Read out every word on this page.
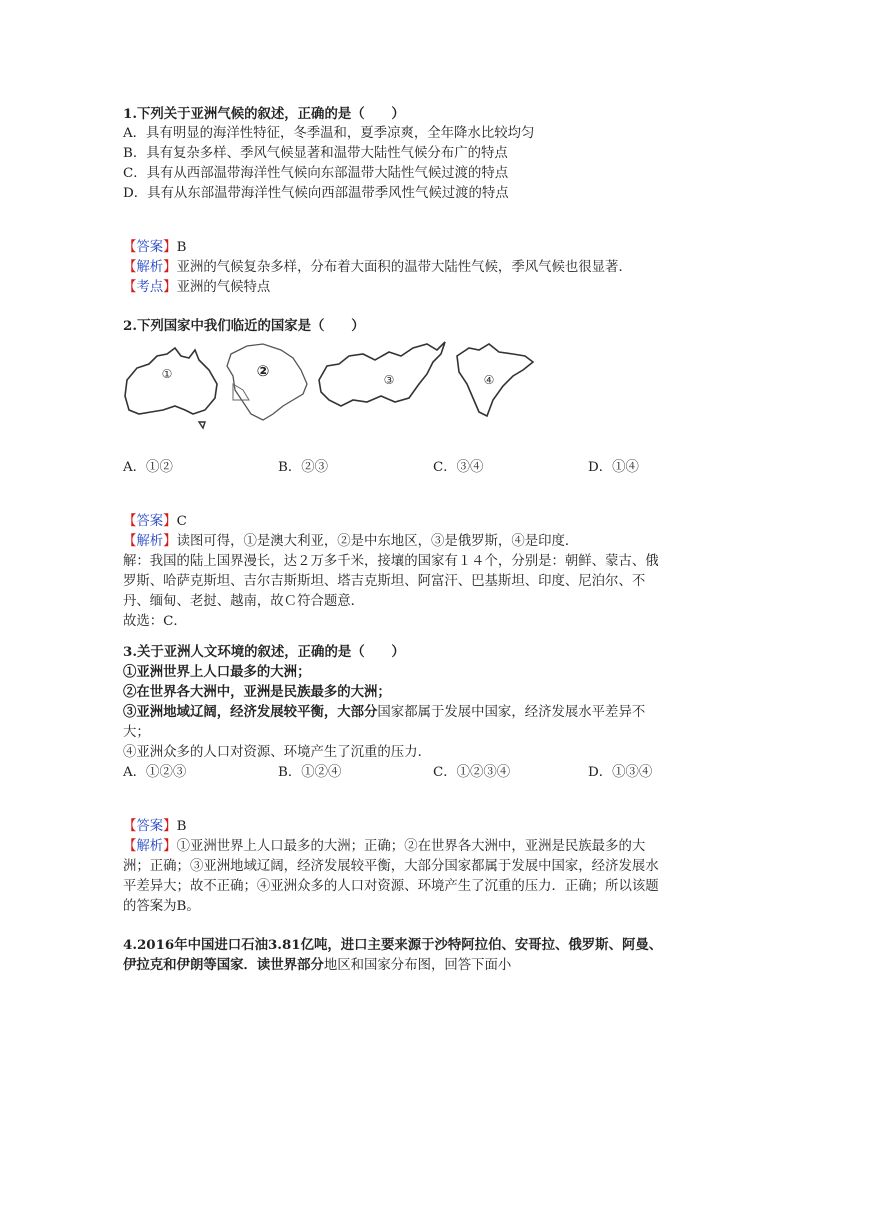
1.下列关于亚洲气候的叙述，正确的是（　　）
A．具有明显的海洋性特征，冬季温和，夏季凉爽，全年降水比较均匀
B．具有复杂多样、季风气候显著和温带大陆性气候分布广的特点
C．具有从西部温带海洋性气候向东部温带大陆性气候过渡的特点
D．具有从东部温带海洋性气候向西部温带季风性气候过渡的特点
【答案】B
【解析】亚洲的气候复杂多样，分布着大面积的温带大陆性气候，季风气候也很显著．
【考点】亚洲的气候特点
2.下列国家中我们临近的国家是（　　）
①	②	③	④
A．①②	B．②③	C．③④	D．①④
【答案】C
【解析】读图可得，①是澳大利亚，②是中东地区，③是俄罗斯，④是印度．
解：我国的陆上国界漫长，达２万多千米，接壤的国家有１４个，分别是：朝鲜、蒙古、俄
罗斯、哈萨克斯坦、吉尔吉斯斯坦、塔吉克斯坦、阿富汗、巴基斯坦、印度、尼泊尔、不
丹、缅甸、老挝、越南，故Ｃ符合题意．
故选：C．
3.关于亚洲人文环境的叙述，正确的是（　　）
①亚洲世界上人口最多的大洲；
②在世界各大洲中，亚洲是民族最多的大洲；
③亚洲地域辽阔，经济发展较平衡，大部分国家都属于发展中国家，经济发展水平差异不
大；
④亚洲众多的人口对资源、环境产生了沉重的压力．
A．①②③	B．①②④	C．①②③④	D．①③④
【答案】B
【解析】①亚洲世界上人口最多的大洲；正确；②在世界各大洲中，亚洲是民族最多的大
洲；正确；③亚洲地域辽阔，经济发展较平衡，大部分国家都属于发展中国家，经济发展水
平差异大；故不正确；④亚洲众多的人口对资源、环境产生了沉重的压力．正确；所以该题
的答案为B。
4.2016年中国进口石油3.81亿吨，进口主要来源于沙特阿拉伯、安哥拉、俄罗斯、阿曼、
伊拉克和伊朗等国家．读世界部分地区和国家分布图，回答下面小
